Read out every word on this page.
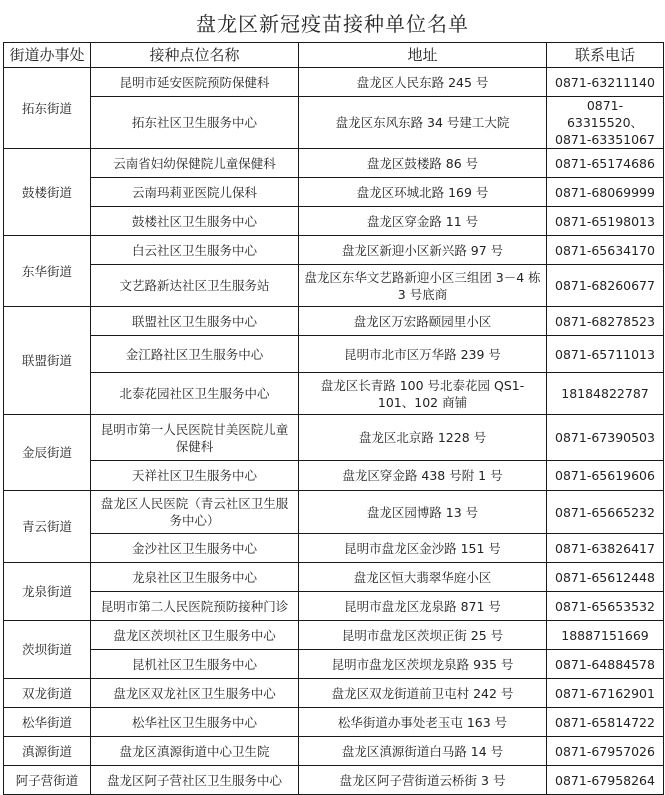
盘龙区新冠疫苗接种单位名单
街道办事处	接种点位名称	地址	联系电话
拓东街道	昆明市延安医院预防保健科	盘龙区人民东路 245 号	0871-63211140
	拓东社区卫生服务中心	盘龙区东风东路 34 号建工大院	0871-63315520、0871-63351067
鼓楼街道	云南省妇幼保健院儿童保健科	盘龙区鼓楼路 86 号	0871-65174686
	云南玛莉亚医院儿保科	盘龙区环城北路 169 号	0871-68069999
	鼓楼社区卫生服务中心	盘龙区穿金路 11 号	0871-65198013
东华街道	白云社区卫生服务中心	盘龙区新迎小区新兴路 97 号	0871-65634170
	文艺路新达社区卫生服务站	盘龙区东华文艺路新迎小区三组团 3－4 栋 3 号底商	0871-68260677
联盟街道	联盟社区卫生服务中心	盘龙区万宏路颐园里小区	0871-68278523
	金江路社区卫生服务中心	昆明市北市区万华路 239 号	0871-65711013
	北泰花园社区卫生服务中心	盘龙区长青路 100 号北泰花园 QS1-101、102 商铺	18184822787
金辰街道	昆明市第一人民医院甘美医院儿童保健科	盘龙区北京路 1228 号	0871-67390503
	天祥社区卫生服务中心	盘龙区穿金路 438 号附 1 号	0871-65619606
青云街道	盘龙区人民医院（青云社区卫生服务中心）	盘龙区园博路 13 号	0871-65665232
	金沙社区卫生服务中心	昆明市盘龙区金沙路 151 号	0871-63826417
龙泉街道	龙泉社区卫生服务中心	盘龙区恒大翡翠华庭小区	0871-65612448
	昆明市第二人民医院预防接种门诊	昆明市盘龙区龙泉路 871 号	0871-65653532
茨坝街道	盘龙区茨坝社区卫生服务中心	昆明市盘龙区茨坝正街 25 号	18887151669
	昆机社区卫生服务中心	昆明市盘龙区茨坝龙泉路 935 号	0871-64884578
双龙街道	盘龙区双龙社区卫生服务中心	盘龙区双龙街道前卫屯村 242 号	0871-67162901
松华街道	松华社区卫生服务中心	松华街道办事处老玉屯 163 号	0871-65814722
滇源街道	盘龙区滇源街道中心卫生院	盘龙区滇源街道白马路 14 号	0871-67957026
阿子营街道	盘龙区阿子营社区卫生服务中心	盘龙区阿子营街道云桥街 3 号	0871-67958264
